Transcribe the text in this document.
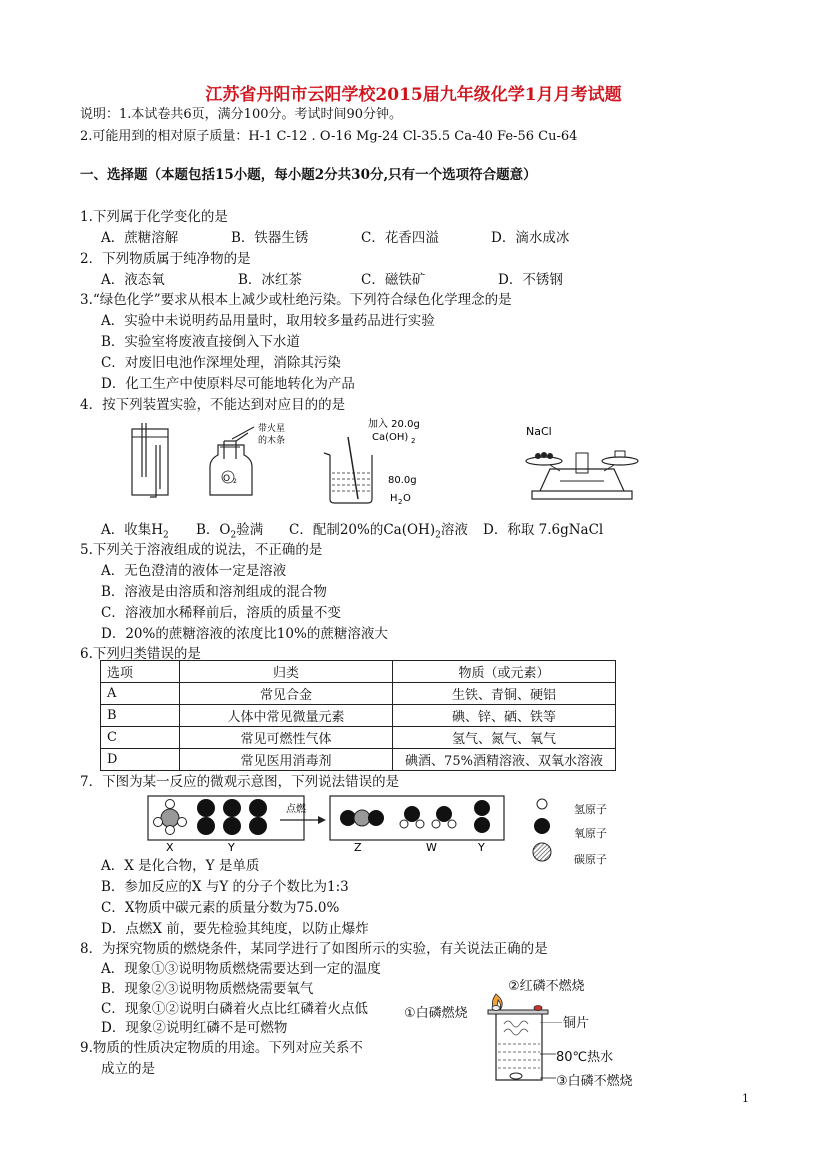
江苏省丹阳市云阳学校2015届九年级化学1月月考试题
说明：1.本试卷共6页，满分100分。考试时间90分钟。
2.可能用到的相对原子质量：H-1 C-12 . O-16 Mg-24 Cl-35.5 Ca-40 Fe-56 Cu-64
一、选择题（本题包括15小题，每小题2分共30分,只有一个选项符合题意）
1.下列属于化学变化的是
A．蔗糖溶解	B．铁器生锈	C．花香四溢	D．滴水成冰
2．下列物质属于纯净物的是
A．液态氧	B．冰红茶	C．磁铁矿	D．不锈钢
3.“绿色化学”要求从根本上减少或杜绝污染。下列符合绿色化学理念的是
A．实验中未说明药品用量时，取用较多量药品进行实验
B．实验室将废液直接倒入下水道
C．对废旧电池作深埋处理，消除其污染
D．化工生产中使原料尽可能地转化为产品
4．按下列装置实验，不能达到对应目的的是
O 2
带火星
的木条
加入 20.0g
Ca(OH) 2
80.0g
H 2 O
NaCl
A．收集$H_2$ B．$O_2$验满 C．配制20%的$Ca(OH)_2$溶液 D．称取 7.6gNaCl
5.下列关于溶液组成的说法，不正确的是
A．无色澄清的液体一定是溶液
B．溶液是由溶质和溶剂组成的混合物
C．溶液加水稀释前后，溶质的质量不变
D．20%的蔗糖溶液的浓度比10%的蔗糖溶液大
6.下列归类错误的是
选项	归类	物质（或元素）
A	常见合金	生铁、青铜、硬铝
B	人体中常见微量元素	碘、锌、硒、铁等
C	常见可燃性气体	氢气、氮气、氧气
D	常见医用消毒剂	碘酒、75%酒精溶液、双氧水溶液
7．下图为某一反应的微观示意图，下列说法错误的是
X	Y
点燃
Z	W	Y
氢原子
氧原子
碳原子
A．X 是化合物，Y 是单质
B．参加反应的X 与Y 的分子个数比为1:3
C．X物质中碳元素的质量分数为75.0%
D．点燃X 前，要先检验其纯度，以防止爆炸
8．为探究物质的燃烧条件，某同学进行了如图所示的实验，有关说法正确的是
A．现象①③说明物质燃烧需要达到一定的温度
B．现象②③说明物质燃烧需要氧气
C．现象①②说明白磷着火点比红磷着火点低
D．现象②说明红磷不是可燃物
②红磷不燃烧
①白磷燃烧
铜片
80℃热水
③白磷不燃烧
9.物质的性质决定物质的用途。下列对应关系不
成立的是
1
